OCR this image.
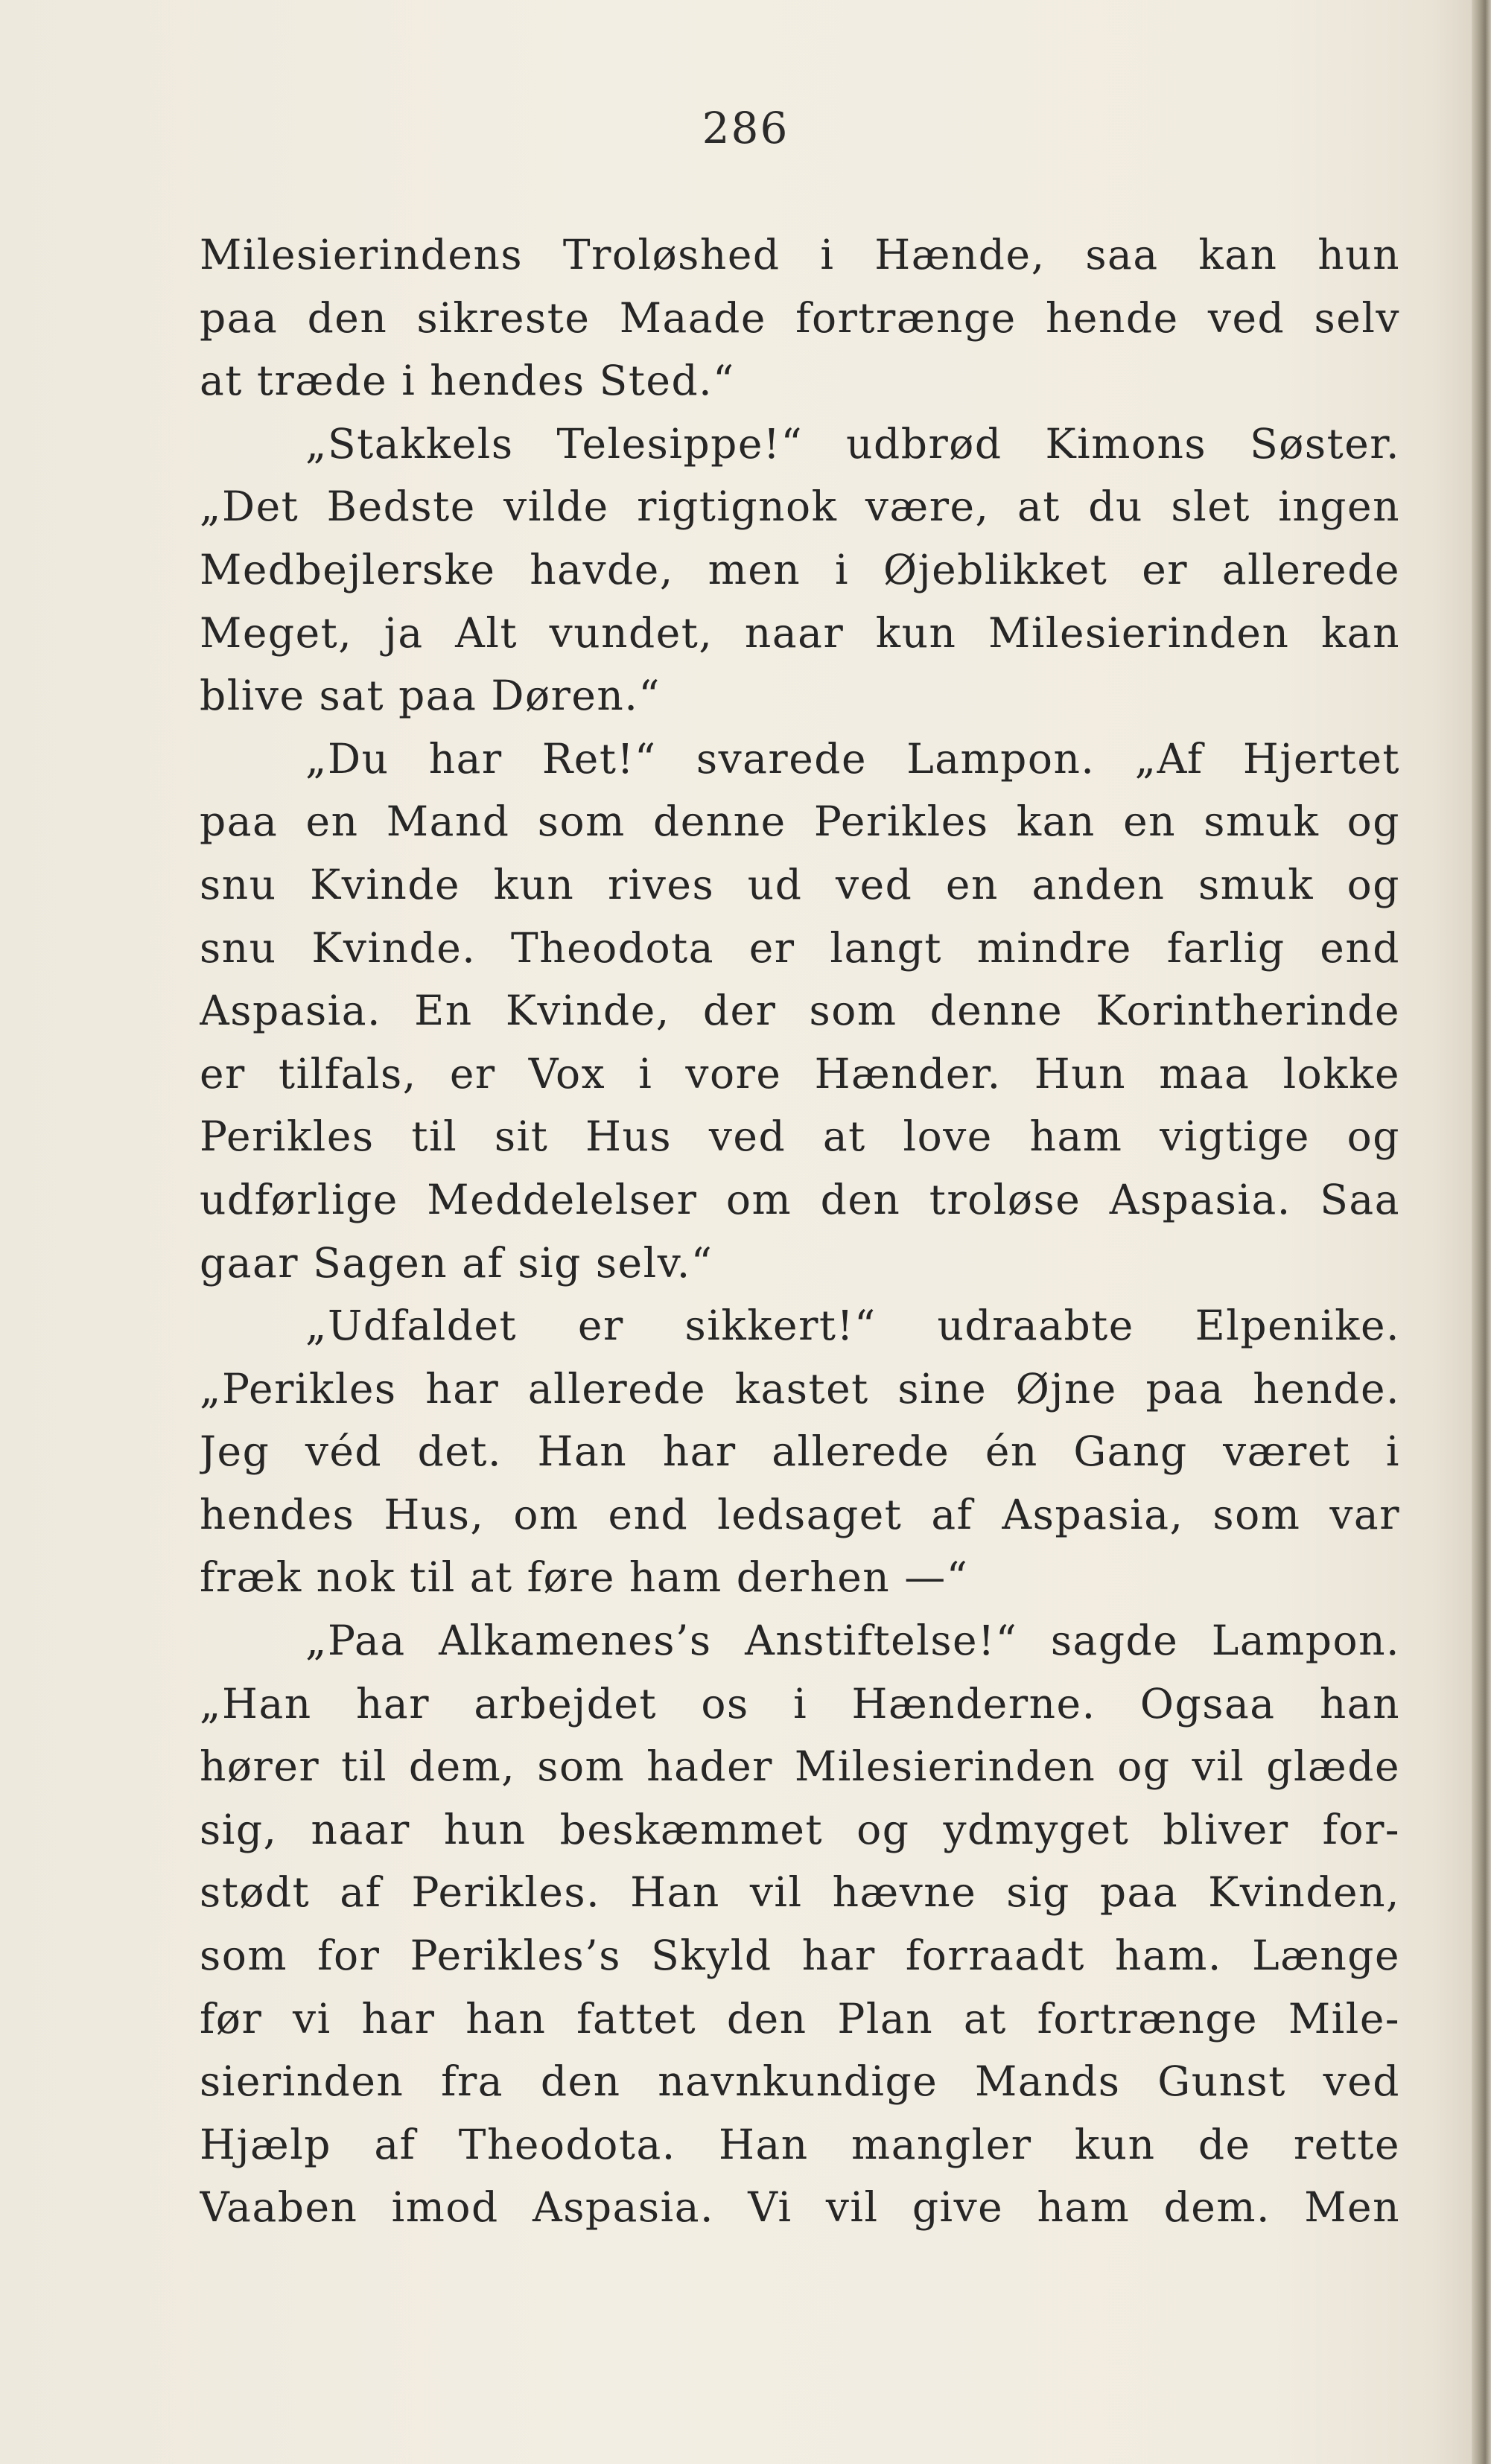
286
Milesierindens Troløshed i Hænde, saa kan hun
paa den sikreste Maade fortrænge hende ved selv
at træde i hendes Sted.“
„Stakkels Telesippe!“ udbrød Kimons Søster.
„Det Bedste vilde rigtignok være, at du slet ingen
Medbejlerske havde, men i Øjeblikket er allerede
Meget, ja Alt vundet, naar kun Milesierinden kan
blive sat paa Døren.“
„Du har Ret!“ svarede Lampon. „Af Hjertet
paa en Mand som denne Perikles kan en smuk og
snu Kvinde kun rives ud ved en anden smuk og
snu Kvinde. Theodota er langt mindre farlig end
Aspasia. En Kvinde, der som denne Korintherinde
er tilfals, er Vox i vore Hænder. Hun maa lokke
Perikles til sit Hus ved at love ham vigtige og
udførlige Meddelelser om den troløse Aspasia. Saa
gaar Sagen af sig selv.“
„Udfaldet er sikkert!“ udraabte Elpenike.
„Perikles har allerede kastet sine Øjne paa hende.
Jeg véd det. Han har allerede én Gang været i
hendes Hus, om end ledsaget af Aspasia, som var
fræk nok til at føre ham derhen —“
„Paa Alkamenes’s Anstiftelse!“ sagde Lampon.
„Han har arbejdet os i Hænderne. Ogsaa han
hører til dem, som hader Milesierinden og vil glæde
sig, naar hun beskæmmet og ydmyget bliver for-
stødt af Perikles. Han vil hævne sig paa Kvinden,
som for Perikles’s Skyld har forraadt ham. Længe
før vi har han fattet den Plan at fortrænge Mile-
sierinden fra den navnkundige Mands Gunst ved
Hjælp af Theodota. Han mangler kun de rette
Vaaben imod Aspasia. Vi vil give ham dem. Men
